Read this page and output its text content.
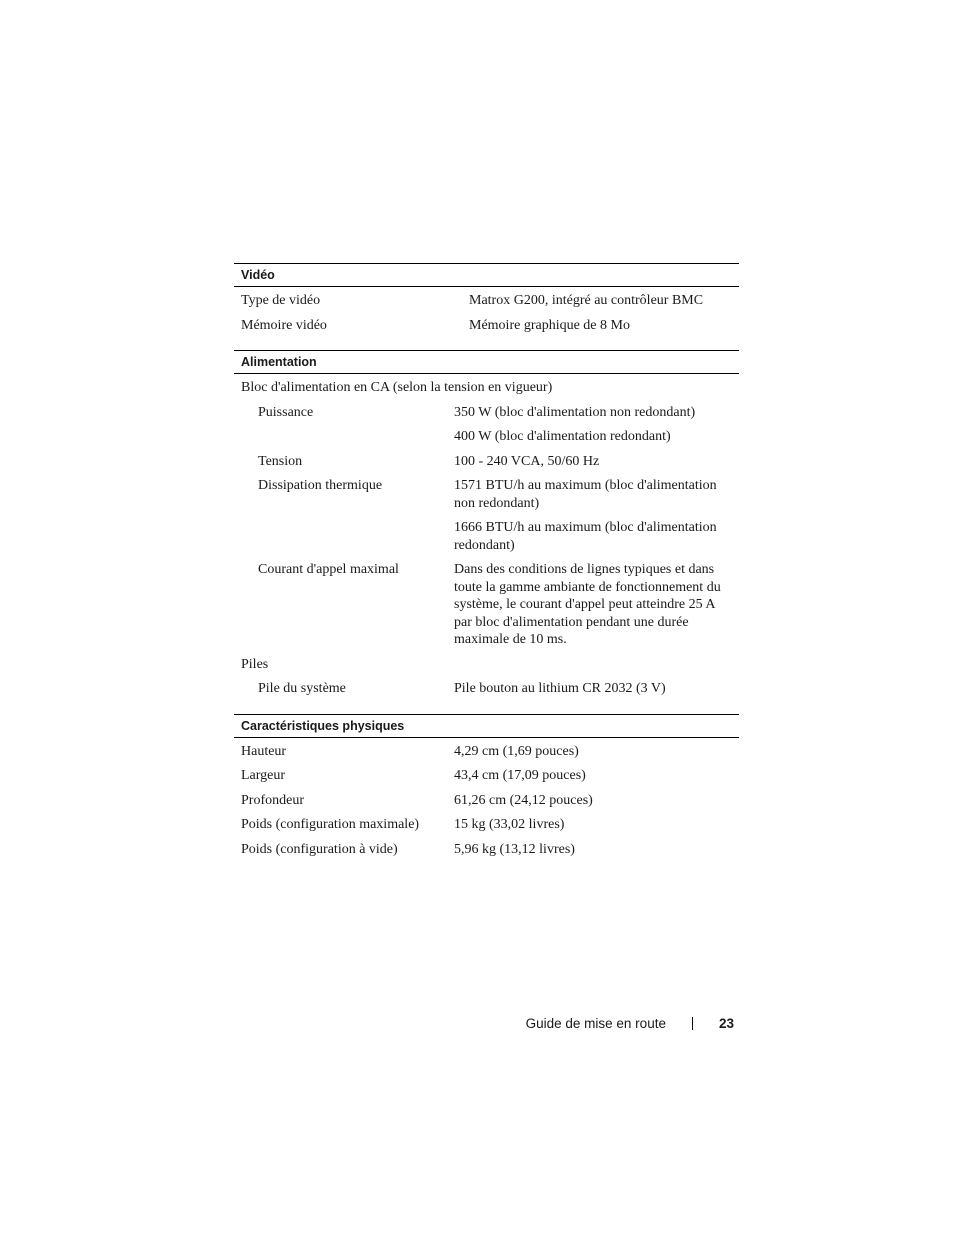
Vidéo
Type de vidéo	Matrox G200, intégré au contrôleur BMC
Mémoire vidéo	Mémoire graphique de 8 Mo
Alimentation
Bloc d'alimentation en CA (selon la tension en vigueur)
Puissance	350 W (bloc d'alimentation non redondant)
400 W (bloc d'alimentation redondant)
Tension	100 - 240 VCA, 50/60 Hz
Dissipation thermique	1571 BTU/h au maximum (bloc d'alimentation non redondant)
1666 BTU/h au maximum (bloc d'alimentation redondant)
Courant d'appel maximal	Dans des conditions de lignes typiques et dans toute la gamme ambiante de fonctionnement du système, le courant d'appel peut atteindre 25 A par bloc d'alimentation pendant une durée maximale de 10 ms.
Piles
Pile du système	Pile bouton au lithium CR 2032 (3 V)
Caractéristiques physiques
Hauteur	4,29 cm (1,69 pouces)
Largeur	43,4 cm (17,09 pouces)
Profondeur	61,26 cm (24,12 pouces)
Poids (configuration maximale)	15 kg (33,02 livres)
Poids (configuration à vide)	5,96 kg (13,12 livres)
Guide de mise en route	23
